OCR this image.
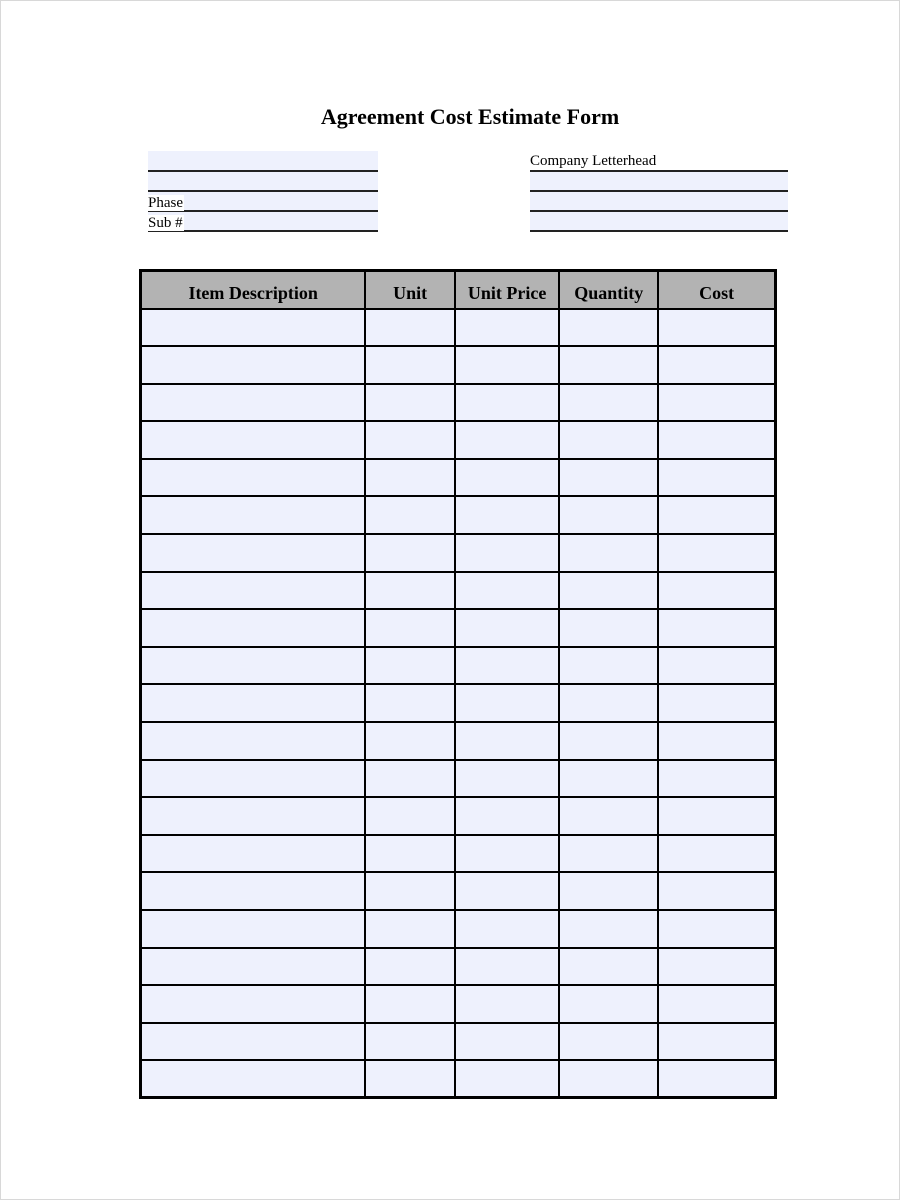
Agreement Cost Estimate Form
Phase
Sub #
Company Letterhead
Item Description	Unit	Unit Price	Quantity	Cost
